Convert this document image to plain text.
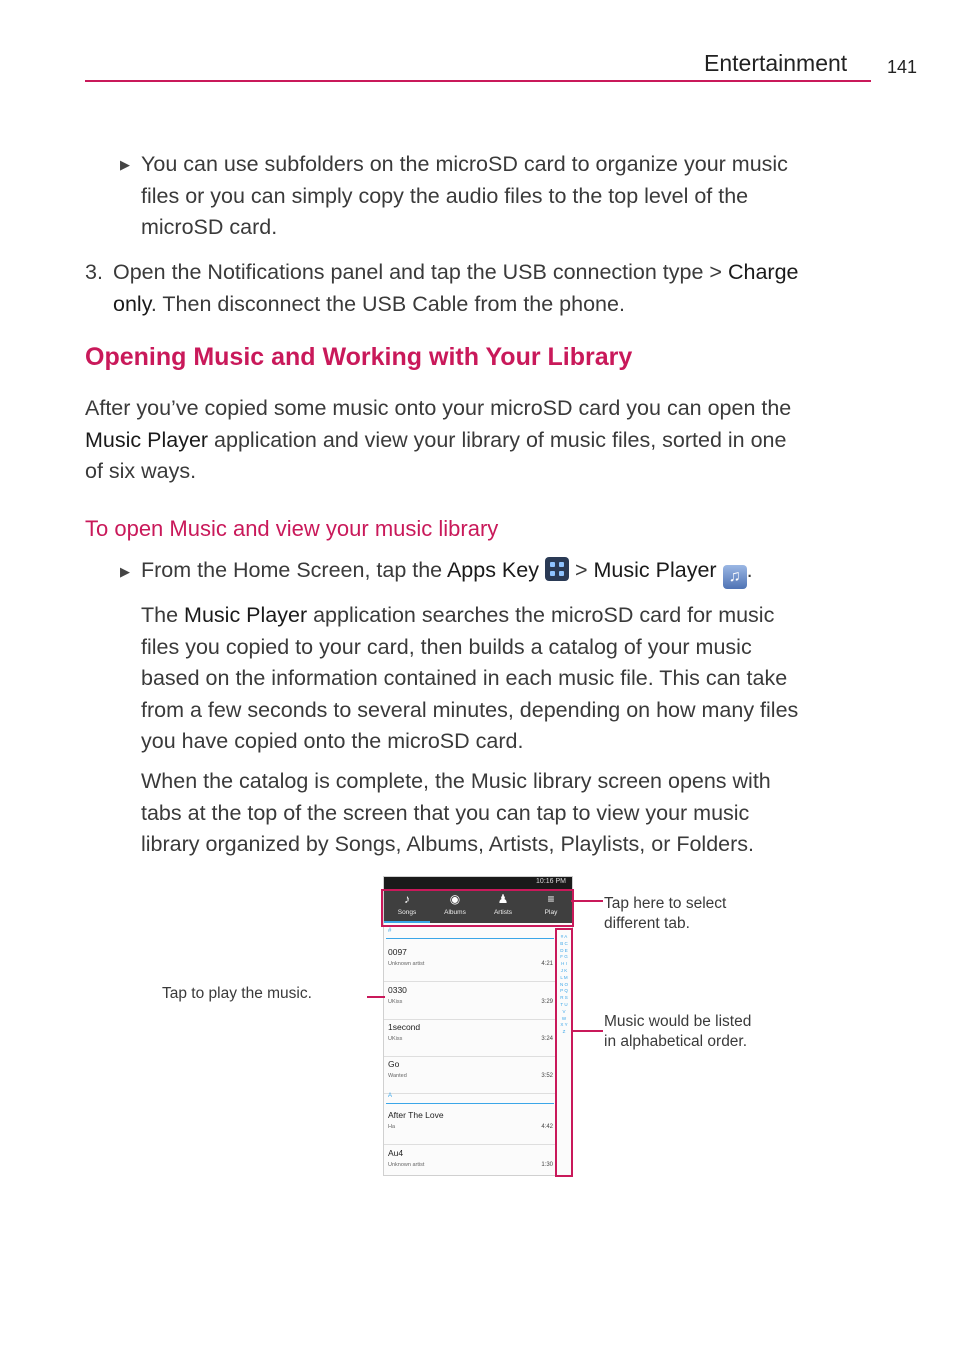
Entertainment 141
▶ You can use subfolders on the microSD card to organize your music
files or you can simply copy the audio files to the top level of the
microSD card.
3. Open the Notifications panel and tap the USB connection type > Charge
only. Then disconnect the USB Cable from the phone.
Opening Music and Working with Your Library
After you’ve copied some music onto your microSD card you can open the
Music Player application and view your library of music files, sorted in one
of six ways.
To open Music and view your music library
▶ From the Home Screen, tap the Apps Key > Music Player ♫ .
The Music Player application searches the microSD card for music
files you copied to your card, then builds a catalog of your music
based on the information contained in each music file. This can take
from a few seconds to several minutes, depending on how many files
you have copied onto the microSD card.
When the catalog is complete, the Music library screen opens with
tabs at the top of the screen that you can tap to view your music
library organized by Songs, Albums, Artists, Playlists, or Folders.
10:16 PM
♪
Songs
◉
Albums
♟
Artists
≡
Play
#
0097
Unknown artist	4:21
0330
UKiss	3:29
1second
UKiss	3:24
Go
Wanted	3:52
A
After The Love
Ha	4:42
Au4
Unknown artist	1:30
# A B C D E F G H I J K L M N O P Q R S T U V W X Y Z
Tap here to select
different tab.
Tap to play the music.
Music would be listed
in alphabetical order.
